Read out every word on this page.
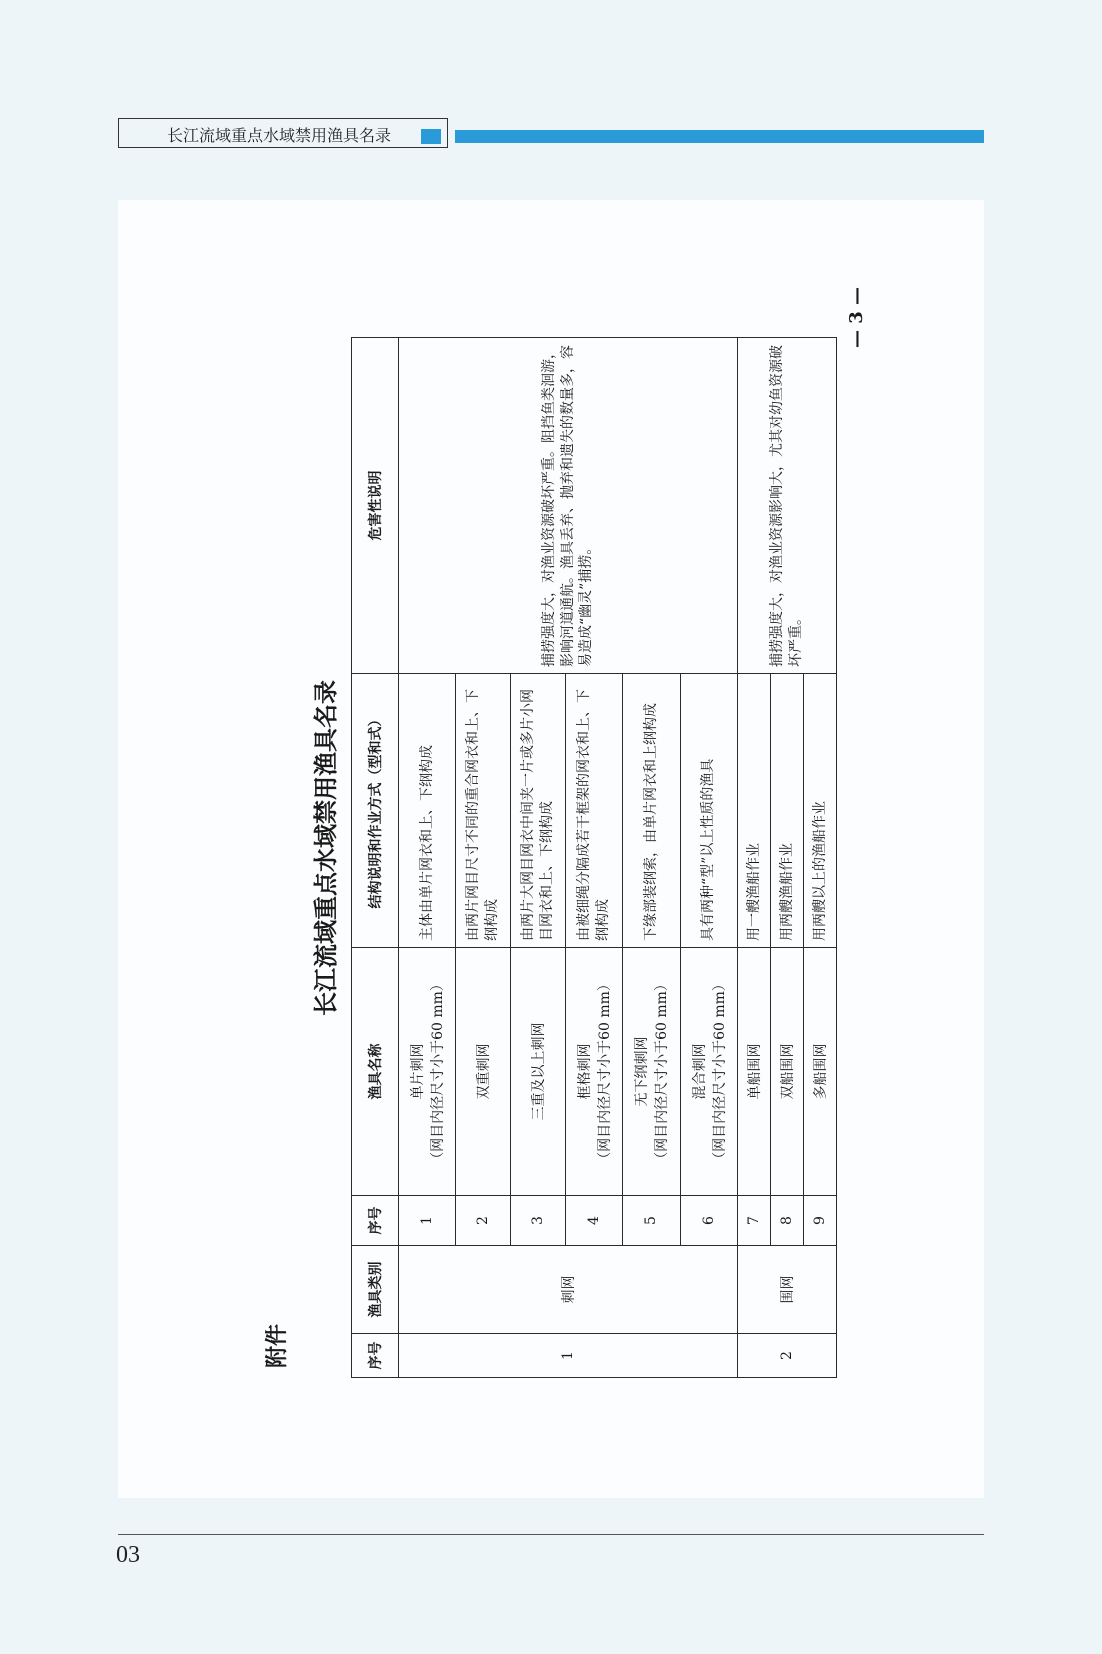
长江流域重点水域禁用渔具名录
附件
长江流域重点水域禁用渔具名录
序号	渔具类别	序号	渔具名称	结构说明和作业方式（型和式）	危害性说明
1	刺网	1	单片刺网 （网目内径尺寸小于60 mm）	主体由单片网衣和上、下纲构成	捕捞强度大，对渔业资源破坏严重。阻挡鱼类洄游，影响河道通航。渔具丢弃、抛弃和遗失的数量多，容易造成“幽灵”捕捞。
		2	双重刺网	由两片网目尺寸不同的重合网衣和上、下纲构成	
		3	三重及以上刺网	由两片大网目网衣中间夹一片或多片小网目网衣和上、下纲构成	
		4	框格刺网 （网目内径尺寸小于60 mm）	由被细绳分隔成若干框架的网衣和上、下纲构成	
		5	无下纲刺网 （网目内径尺寸小于60 mm）	下缘部装纲索，由单片网衣和上纲构成	
		6	混合刺网 （网目内径尺寸小于60 mm）	具有两种“型”以上性质的渔具	
2	围网	7	单船围网	用一艘渔船作业	捕捞强度大，对渔业资源影响大，尤其对幼鱼资源破坏严重。
		8	双船围网	用两艘渔船作业	
		9	多船围网	用两艘以上的渔船作业	
— 3 —
03
